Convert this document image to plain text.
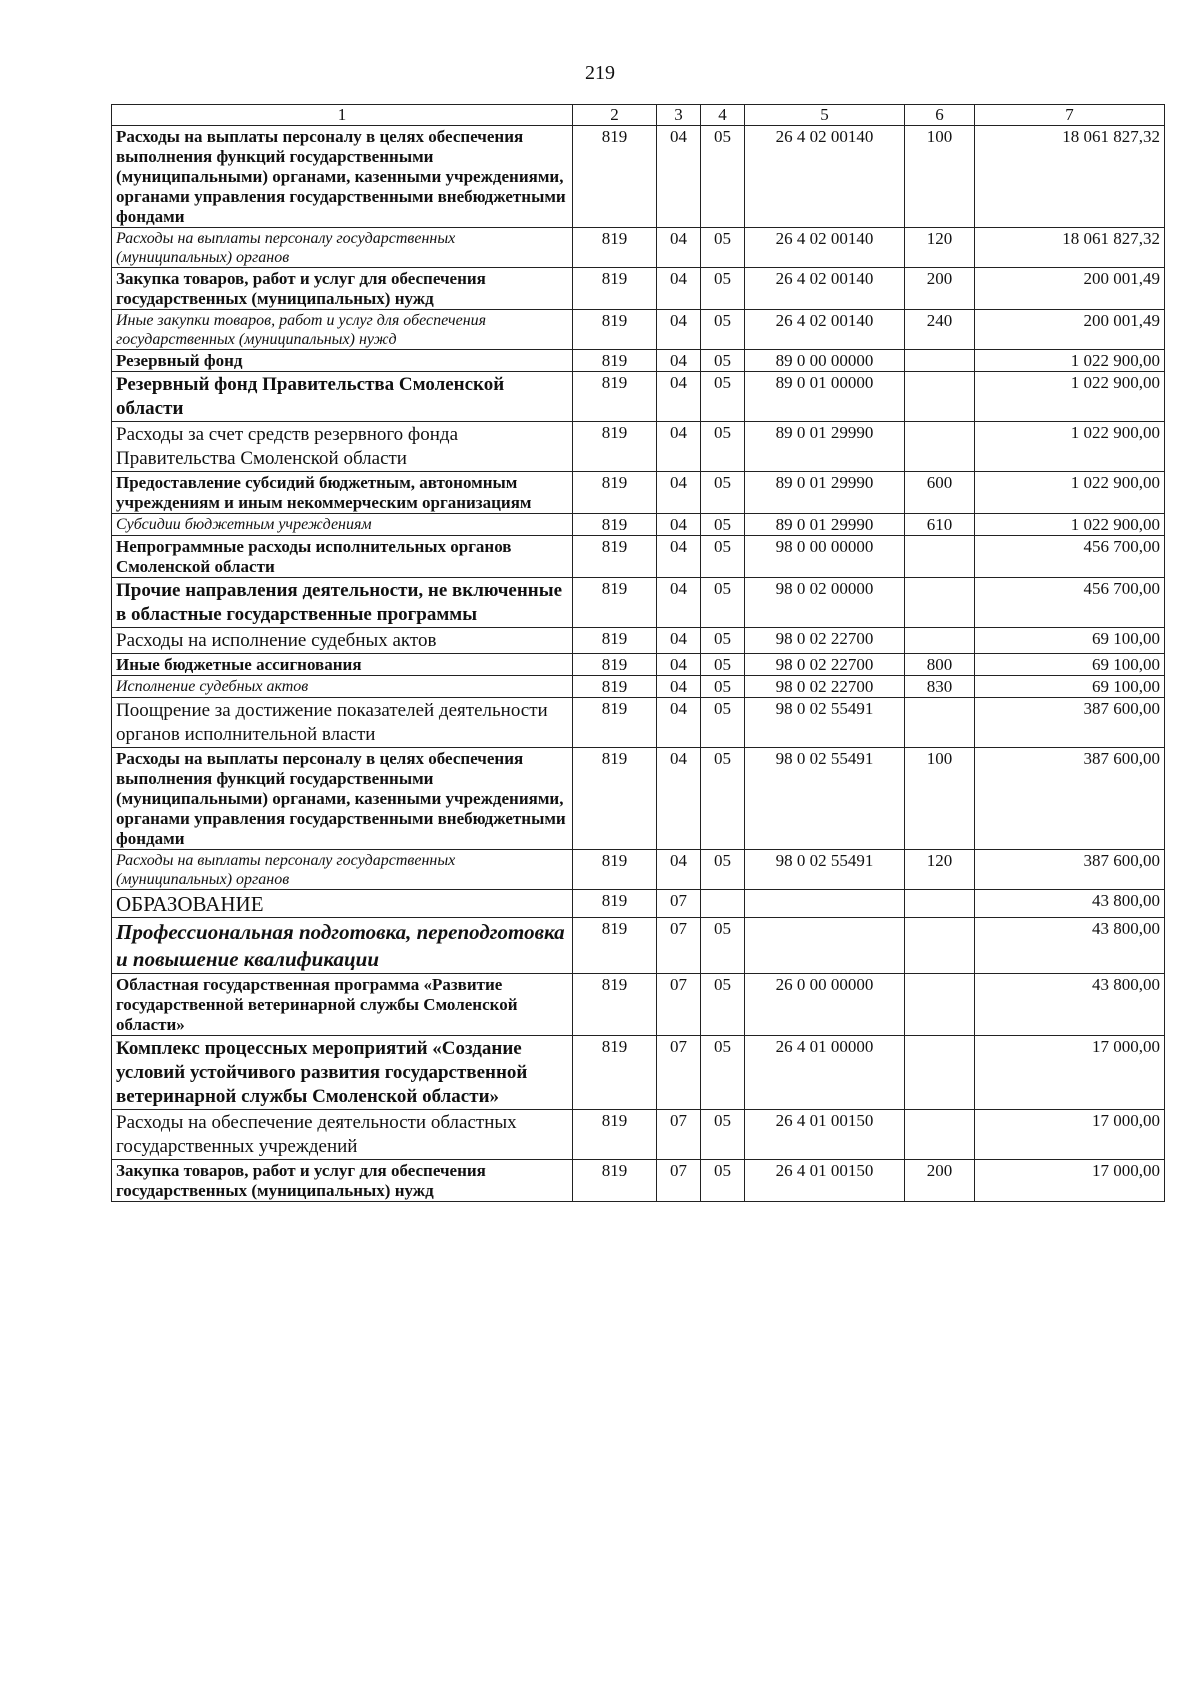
219
1	2	3	4	5	6	7
Расходы на выплаты персоналу в целях обеспечения выполнения функций государственными (муниципальными) органами, казенными учреждениями, органами управления государственными внебюджетными фондами	819	04	05	26 4 02 00140	100	18 061 827,32
Расходы на выплаты персоналу государственных (муниципальных) органов	819	04	05	26 4 02 00140	120	18 061 827,32
Закупка товаров, работ и услуг для обеспечения государственных (муниципальных) нужд	819	04	05	26 4 02 00140	200	200 001,49
Иные закупки товаров, работ и услуг для обеспечения государственных (муниципальных) нужд	819	04	05	26 4 02 00140	240	200 001,49
Резервный фонд	819	04	05	89 0 00 00000		1 022 900,00
Резервный фонд Правительства Смоленской области	819	04	05	89 0 01 00000		1 022 900,00
Расходы за счет средств резервного фонда Правительства Смоленской области	819	04	05	89 0 01 29990		1 022 900,00
Предоставление субсидий бюджетным, автономным учреждениям и иным некоммерческим организациям	819	04	05	89 0 01 29990	600	1 022 900,00
Субсидии бюджетным учреждениям	819	04	05	89 0 01 29990	610	1 022 900,00
Непрограммные расходы исполнительных органов Смоленской области	819	04	05	98 0 00 00000		456 700,00
Прочие направления деятельности, не включенные в областные государственные программы	819	04	05	98 0 02 00000		456 700,00
Расходы на исполнение судебных актов	819	04	05	98 0 02 22700		69 100,00
Иные бюджетные ассигнования	819	04	05	98 0 02 22700	800	69 100,00
Исполнение судебных актов	819	04	05	98 0 02 22700	830	69 100,00
Поощрение за достижение показателей деятельности органов исполнительной власти	819	04	05	98 0 02 55491		387 600,00
Расходы на выплаты персоналу в целях обеспечения выполнения функций государственными (муниципальными) органами, казенными учреждениями, органами управления государственными внебюджетными фондами	819	04	05	98 0 02 55491	100	387 600,00
Расходы на выплаты персоналу государственных (муниципальных) органов	819	04	05	98 0 02 55491	120	387 600,00
ОБРАЗОВАНИЕ	819	07				43 800,00
Профессиональная подготовка, переподготовка и повышение квалификации	819	07	05			43 800,00
Областная государственная программа «Развитие государственной ветеринарной службы Смоленской области»	819	07	05	26 0 00 00000		43 800,00
Комплекс процессных мероприятий «Создание условий устойчивого развития государственной ветеринарной службы Смоленской области»	819	07	05	26 4 01 00000		17 000,00
Расходы на обеспечение деятельности областных государственных учреждений	819	07	05	26 4 01 00150		17 000,00
Закупка товаров, работ и услуг для обеспечения государственных (муниципальных) нужд	819	07	05	26 4 01 00150	200	17 000,00
